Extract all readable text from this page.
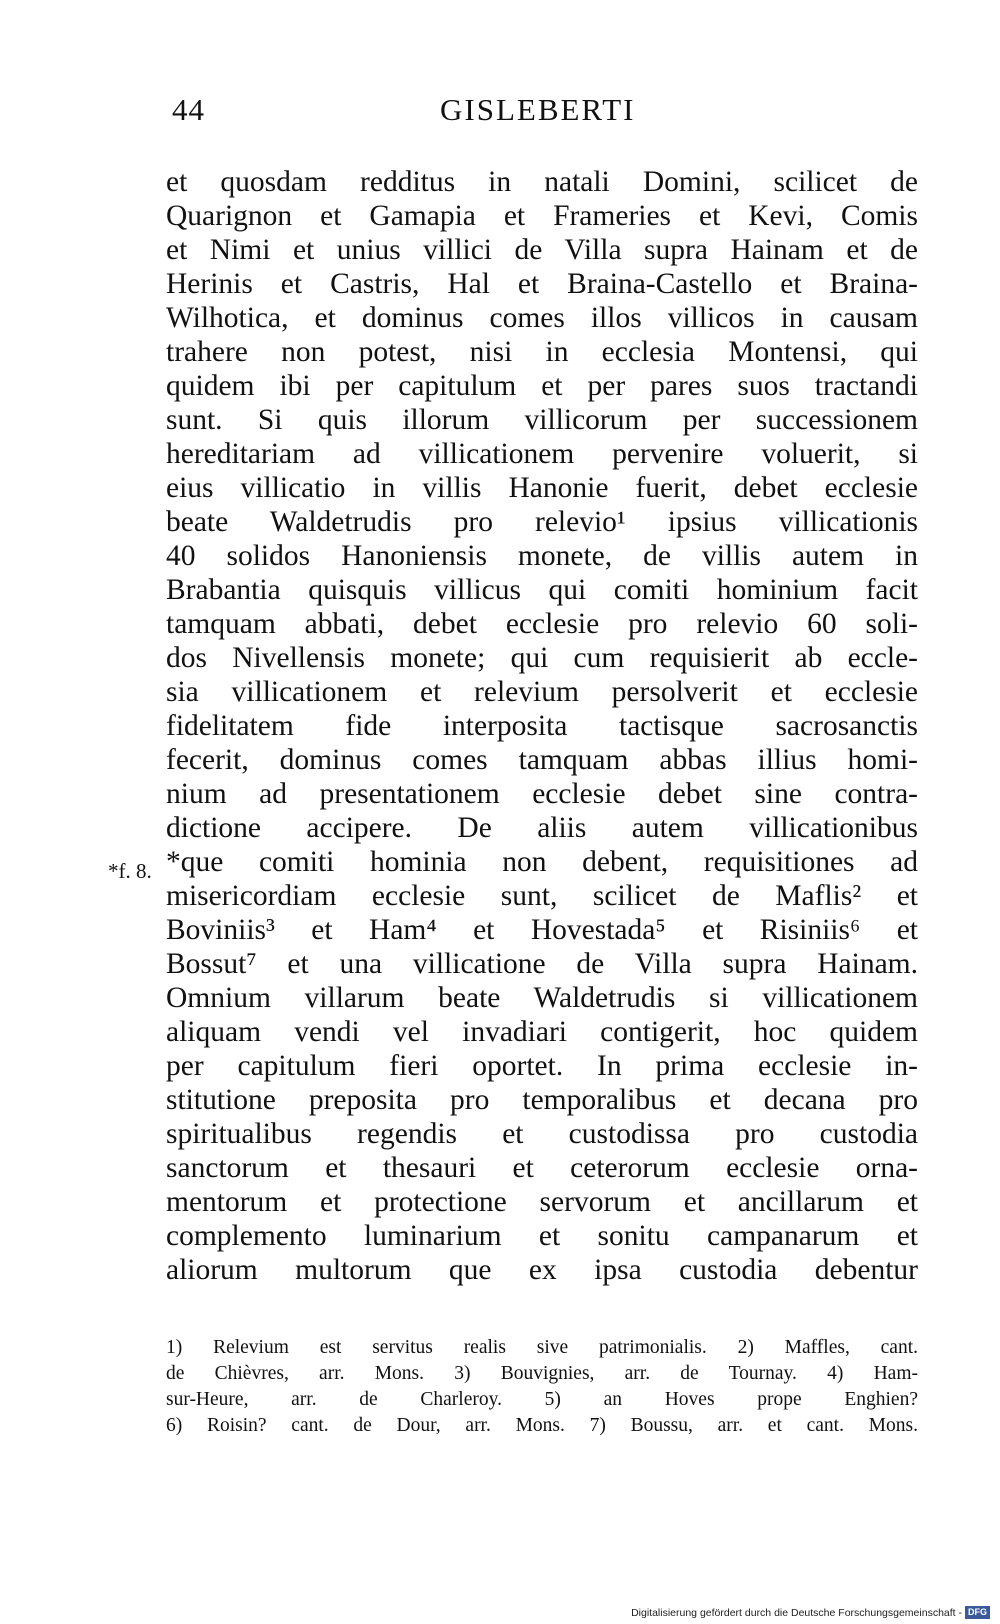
44	GISLEBERTI
*f. 8.
et quosdam redditus in natali Domini, scilicet de
Quarignon et Gamapia et Frameries et Kevi, Comis
et Nimi et unius villici de Villa supra Hainam et de
Herinis et Castris, Hal et Braina-Castello et Braina-
Wilhotica, et dominus comes illos villicos in causam
trahere non potest, nisi in ecclesia Montensi, qui
quidem ibi per capitulum et per pares suos tractandi
sunt. Si quis illorum villicorum per successionem
hereditariam ad villicationem pervenire voluerit, si
eius villicatio in villis Hanonie fuerit, debet ecclesie
beate Waldetrudis pro relevio¹ ipsius villicationis
40 solidos Hanoniensis monete, de villis autem in
Brabantia quisquis villicus qui comiti hominium facit
tamquam abbati, debet ecclesie pro relevio 60 soli-
dos Nivellensis monete; qui cum requisierit ab eccle-
sia villicationem et relevium persolverit et ecclesie
fidelitatem fide interposita tactisque sacrosanctis
fecerit, dominus comes tamquam abbas illius homi-
nium ad presentationem ecclesie debet sine contra-
dictione accipere. De aliis autem villicationibus
*que comiti hominia non debent, requisitiones ad
misericordiam ecclesie sunt, scilicet de Maflis² et
Boviniis³ et Ham⁴ et Hovestada⁵ et Risiniis⁶ et
Bossut⁷ et una villicatione de Villa supra Hainam.
Omnium villarum beate Waldetrudis si villicationem
aliquam vendi vel invadiari contigerit, hoc quidem
per capitulum fieri oportet. In prima ecclesie in-
stitutione preposita pro temporalibus et decana pro
spiritualibus regendis et custodissa pro custodia
sanctorum et thesauri et ceterorum ecclesie orna-
mentorum et protectione servorum et ancillarum et
complemento luminarium et sonitu campanarum et
aliorum multorum que ex ipsa custodia debentur
1) Relevium est servitus realis sive patrimonialis. 2) Maffles, cant.
de Chièvres, arr. Mons. 3) Bouvignies, arr. de Tournay. 4) Ham-
sur-Heure, arr. de Charleroy. 5) an Hoves prope Enghien?
6) Roisin? cant. de Dour, arr. Mons. 7) Boussu, arr. et cant. Mons.
Digitalisierung gefördert durch die Deutsche Forschungsgemeinschaft - DFG
